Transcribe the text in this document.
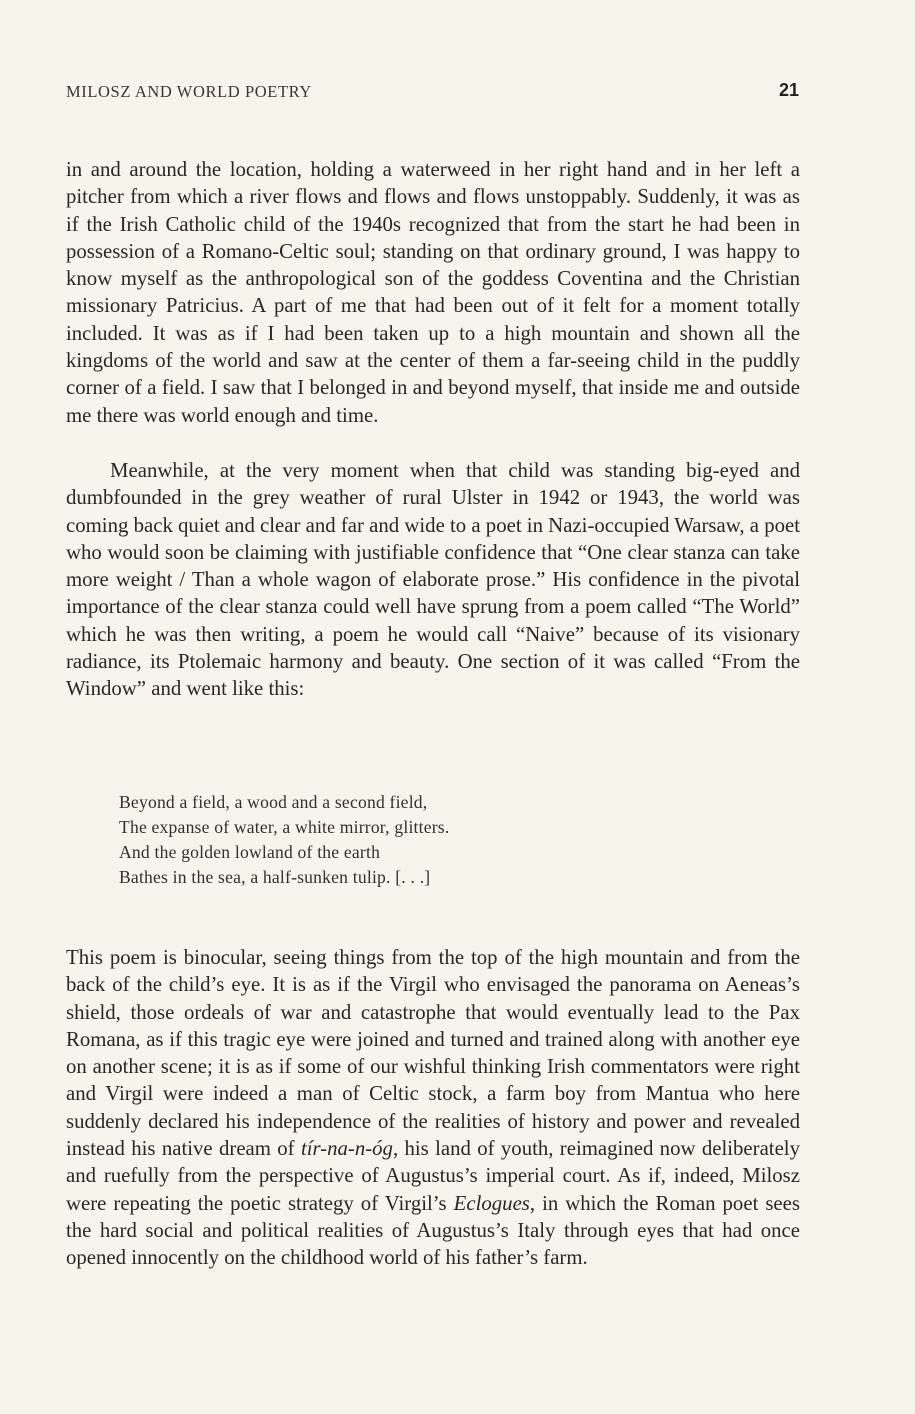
MILOSZ AND WORLD POETRY	21

in and around the location, holding a waterweed in her right hand and in her left a pitcher from which a river flows and flows and flows unstoppably. Suddenly, it was as if the Irish Catholic child of the 1940s recognized that from the start he had been in possession of a Romano-Celtic soul; standing on that ordinary ground, I was happy to know myself as the anthropological son of the goddess Coventina and the Christian missionary Patricius. A part of me that had been out of it felt for a moment totally included. It was as if I had been taken up to a high mountain and shown all the kingdoms of the world and saw at the center of them a far-seeing child in the puddly corner of a field. I saw that I belonged in and beyond myself, that inside me and outside me there was world enough and time.

Meanwhile, at the very moment when that child was standing big-eyed and dumbfounded in the grey weather of rural Ulster in 1942 or 1943, the world was coming back quiet and clear and far and wide to a poet in Nazi-occupied Warsaw, a poet who would soon be claiming with justifiable confidence that “One clear stanza can take more weight / Than a whole wagon of elaborate prose.” His confidence in the pivotal importance of the clear stanza could well have sprung from a poem called “The World” which he was then writing, a poem he would call “Naive” because of its visionary radiance, its Ptolemaic harmony and beauty. One section of it was called “From the Window” and went like this:

Beyond a field, a wood and a second field,
The expanse of water, a white mirror, glitters.
And the golden lowland of the earth
Bathes in the sea, a half-sunken tulip. [. . .]

This poem is binocular, seeing things from the top of the high mountain and from the back of the child’s eye. It is as if the Virgil who envisaged the panorama on Aeneas’s shield, those ordeals of war and catastrophe that would eventually lead to the Pax Romana, as if this tragic eye were joined and turned and trained along with another eye on another scene; it is as if some of our wishful thinking Irish commentators were right and Virgil were indeed a man of Celtic stock, a farm boy from Mantua who here suddenly declared his independence of the realities of history and power and revealed instead his native dream of tír-na-n-óg, his land of youth, reimagined now deliberately and ruefully from the perspective of Augustus’s imperial court. As if, indeed, Milosz were repeating the poetic strategy of Virgil’s Eclogues, in which the Roman poet sees the hard social and political realities of Augustus’s Italy through eyes that had once opened innocently on the childhood world of his father’s farm.
